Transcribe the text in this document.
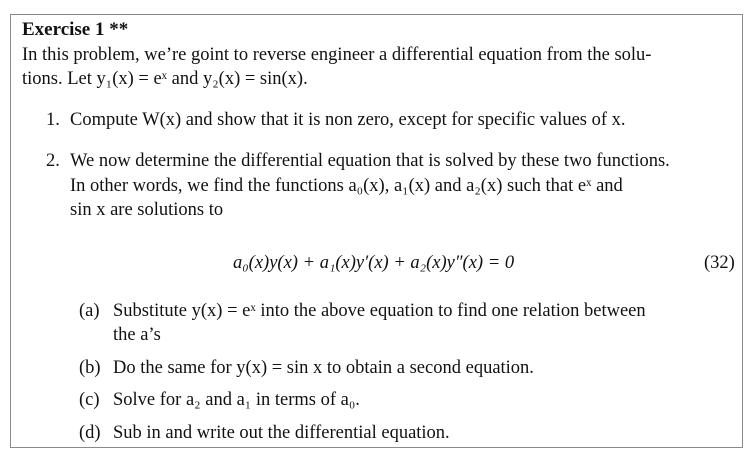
Exercise 1 **
In this problem, we’re goint to reverse engineer a differential equation from the solu-
tions. Let y₁(x) = eˣ and y₂(x) = sin(x).
1. Compute W(x) and show that it is non zero, except for specific values of x.
2. We now determine the differential equation that is solved by these two functions.
In other words, we find the functions a₀(x), a₁(x) and a₂(x) such that eˣ and
sin x are solutions to
a₀(x)y(x) + a₁(x)y′(x) + a₂(x)y″(x) = 0	(32)
(a) Substitute y(x) = eˣ into the above equation to find one relation between
the a’s
(b) Do the same for y(x) = sin x to obtain a second equation.
(c) Solve for a₂ and a₁ in terms of a₀.
(d) Sub in and write out the differential equation.
